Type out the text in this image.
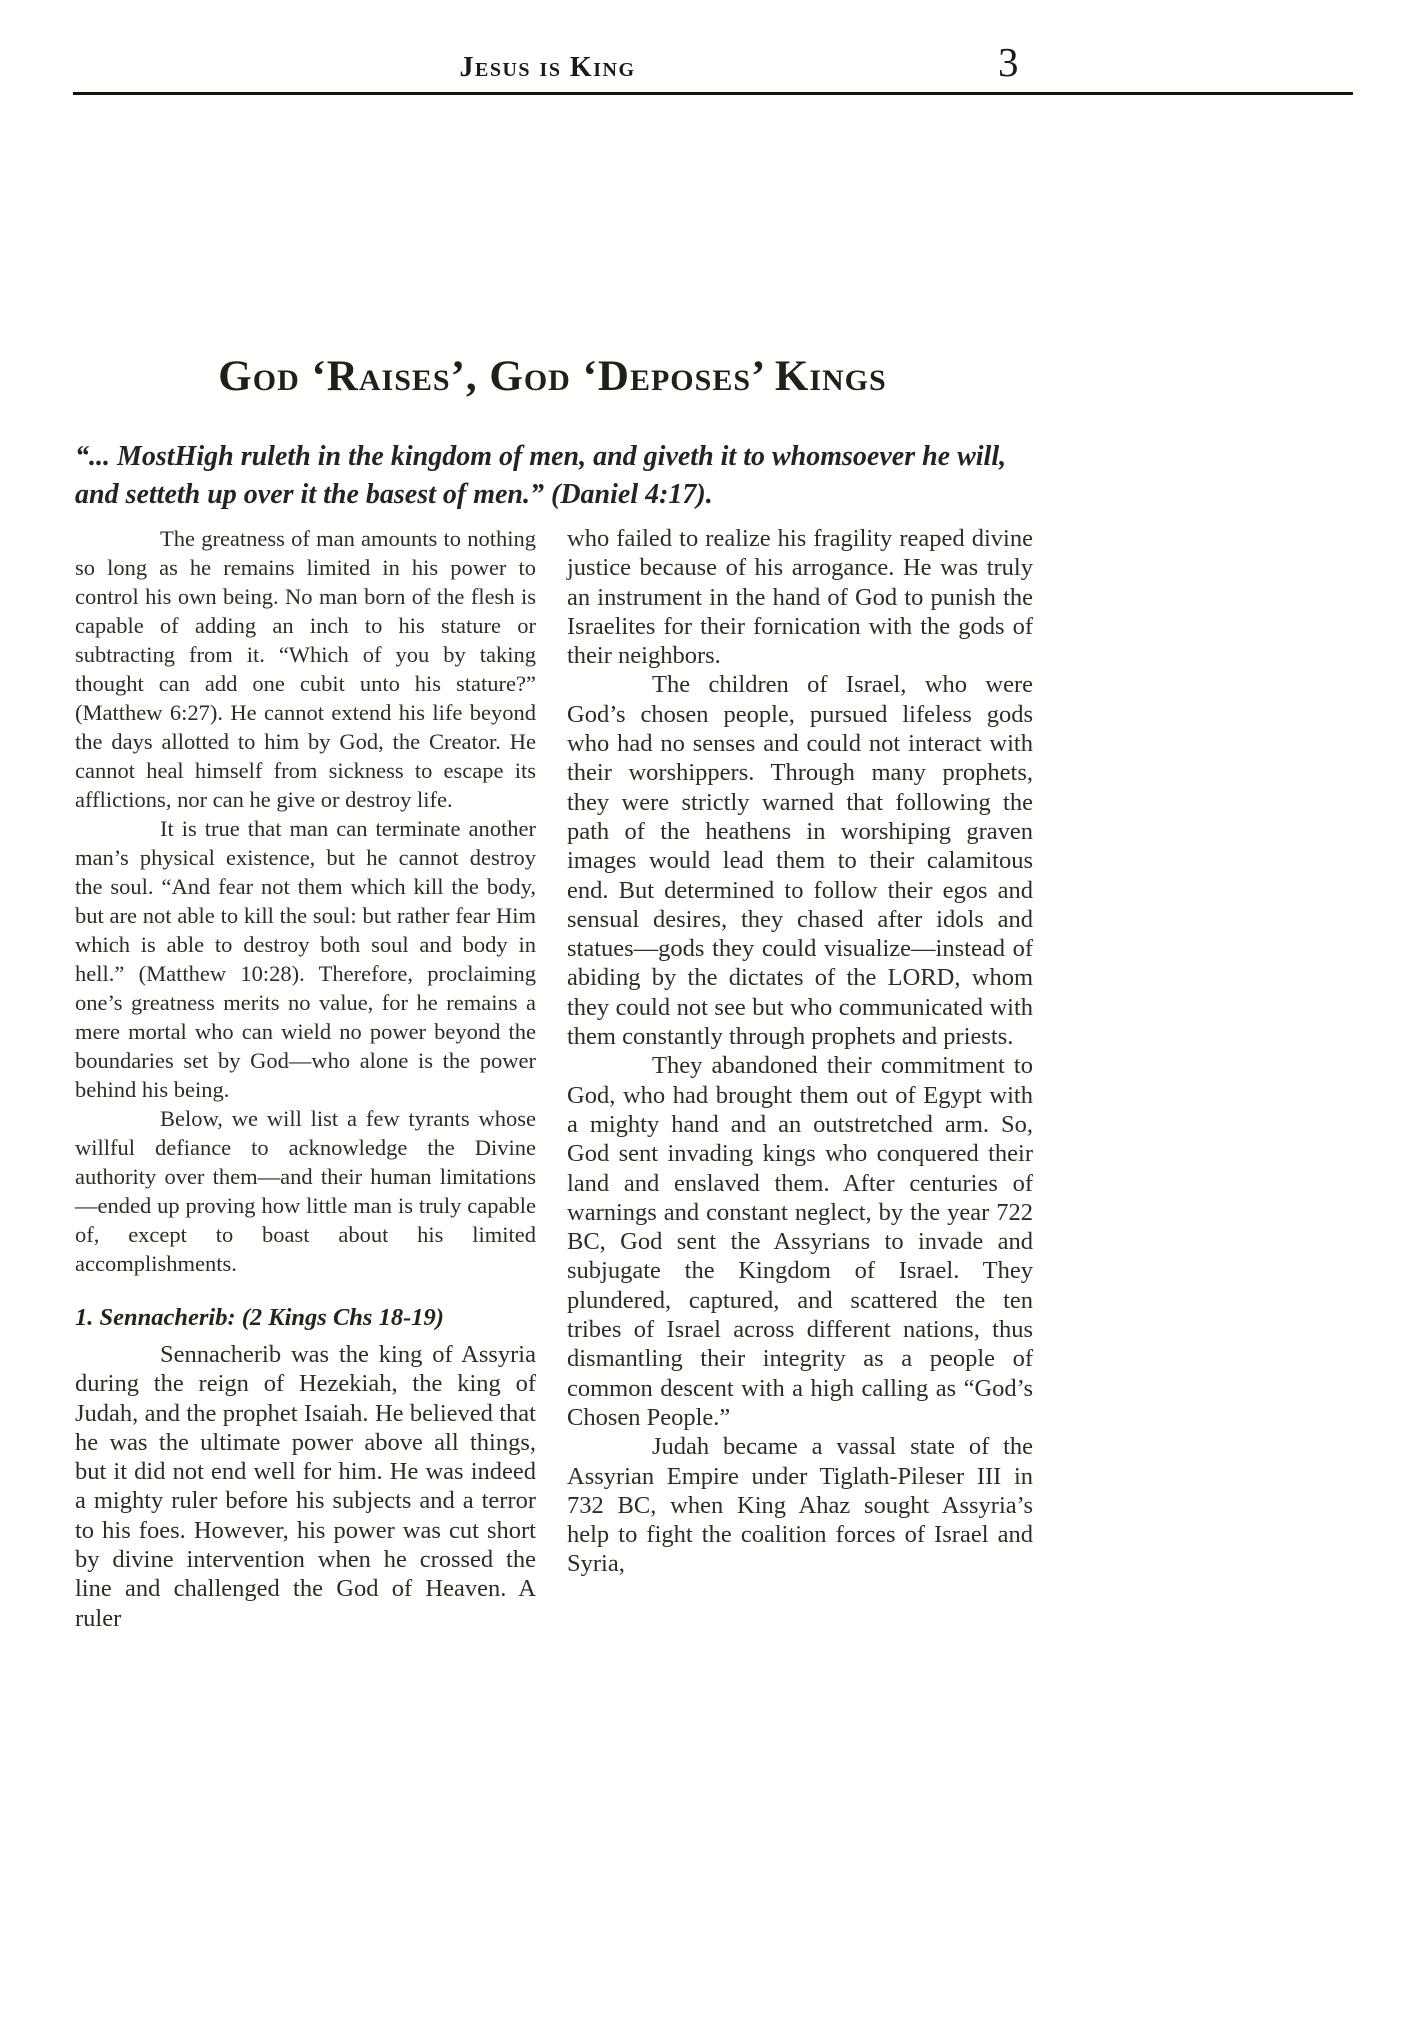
Jesus is King	3
God ‘Raises’, God ‘Deposes’ Kings
“... MostHigh ruleth in the kingdom of men, and giveth it to whomsoever he will, and setteth up over it the basest of men.” (Daniel 4:17).

The greatness of man amounts to nothing so long as he remains limited in his power to control his own being. No man born of the flesh is capable of adding an inch to his stature or subtracting from it. “Which of you by taking thought can add one cubit unto his stature?” (Matthew 6:27). He cannot extend his life beyond the days allotted to him by God, the Creator. He cannot heal himself from sickness to escape its afflictions, nor can he give or destroy life.

It is true that man can terminate another man’s physical existence, but he cannot destroy the soul. “And fear not them which kill the body, but are not able to kill the soul: but rather fear Him which is able to destroy both soul and body in hell.” (Matthew 10:28). Therefore, proclaiming one’s greatness merits no value, for he remains a mere mortal who can wield no power beyond the boundaries set by God—who alone is the power behind his being.

Below, we will list a few tyrants whose willful defiance to acknowledge the Divine authority over them—and their human limitations—ended up proving how little man is truly capable of, except to boast about his limited accomplishments.

1. Sennacherib: (2 Kings Chs 18-19)

Sennacherib was the king of Assyria during the reign of Hezekiah, the king of Judah, and the prophet Isaiah. He believed that he was the ultimate power above all things, but it did not end well for him. He was indeed a mighty ruler before his subjects and a terror to his foes. However, his power was cut short by divine intervention when he crossed the line and challenged the God of Heaven. A ruler

who failed to realize his fragility reaped divine justice because of his arrogance. He was truly an instrument in the hand of God to punish the Israelites for their fornication with the gods of their neighbors.

The children of Israel, who were God’s chosen people, pursued lifeless gods who had no senses and could not interact with their worshippers. Through many prophets, they were strictly warned that following the path of the heathens in worshiping graven images would lead them to their calamitous end. But determined to follow their egos and sensual desires, they chased after idols and statues—gods they could visualize—instead of abiding by the dictates of the LORD, whom they could not see but who communicated with them constantly through prophets and priests.

They abandoned their commitment to God, who had brought them out of Egypt with a mighty hand and an outstretched arm. So, God sent invading kings who conquered their land and enslaved them. After centuries of warnings and constant neglect, by the year 722 BC, God sent the Assyrians to invade and subjugate the Kingdom of Israel. They plundered, captured, and scattered the ten tribes of Israel across different nations, thus dismantling their integrity as a people of common descent with a high calling as “God’s Chosen People.”

Judah became a vassal state of the Assyrian Empire under Tiglath-Pileser III in 732 BC, when King Ahaz sought Assyria’s help to fight the coalition forces of Israel and Syria,
